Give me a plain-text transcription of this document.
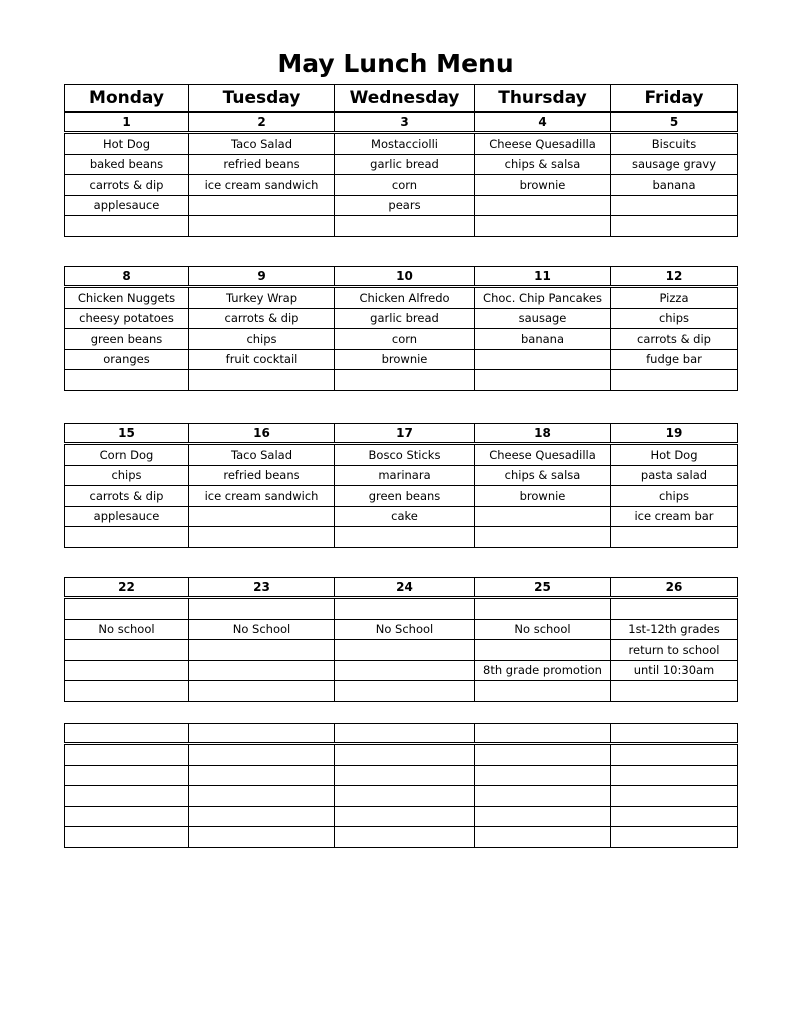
May Lunch Menu
Monday	Tuesday	Wednesday	Thursday	Friday
1	2	3	4	5
Hot Dog	Taco Salad	Mostacciolli	Cheese Quesadilla	Biscuits
baked beans	refried beans	garlic bread	chips & salsa	sausage gravy
carrots & dip	ice cream sandwich	corn	brownie	banana
applesauce		pears		

8	9	10	11	12
Chicken Nuggets	Turkey Wrap	Chicken Alfredo	Choc. Chip Pancakes	Pizza
cheesy potatoes	carrots & dip	garlic bread	sausage	chips
green beans	chips	corn	banana	carrots & dip
oranges	fruit cocktail	brownie		fudge bar

15	16	17	18	19
Corn Dog	Taco Salad	Bosco Sticks	Cheese Quesadilla	Hot Dog
chips	refried beans	marinara	chips & salsa	pasta salad
carrots & dip	ice cream sandwich	green beans	brownie	chips
applesauce		cake		ice cream bar

22	23	24	25	26

No school	No School	No School	No school	1st-12th grades
				return to school
			8th grade promotion	until 10:30am
